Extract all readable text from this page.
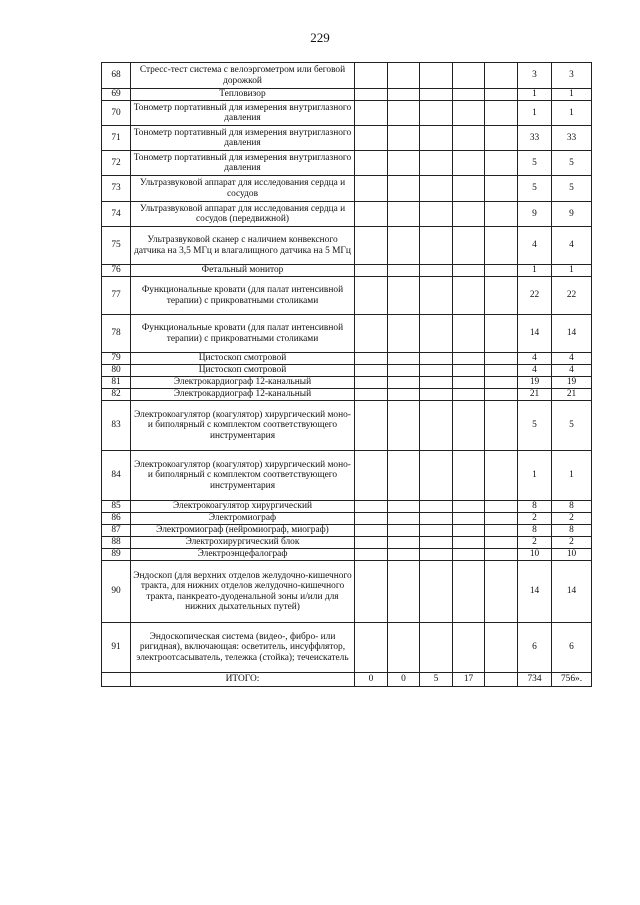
229
68	Стресс-тест система с велоэргометром или беговой дорожкой						3	3
69	Тепловизор						1	1
70	Тонометр портативный для измерения внутриглазного давления						1	1
71	Тонометр портативный для измерения внутриглазного давления						33	33
72	Тонометр портативный для измерения внутриглазного давления						5	5
73	Ультразвуковой аппарат для исследования сердца и сосудов						5	5
74	Ультразвуковой аппарат для исследования сердца и сосудов (передвижной)						9	9
75	Ультразвуковой сканер с наличием конвексного датчика на 3,5 МГц и влагалищного датчика на 5 МГц						4	4
76	Фетальный монитор						1	1
77	Функциональные кровати (для палат интенсивной терапии) с прикроватными столиками						22	22
78	Функциональные кровати (для палат интенсивной терапии) с прикроватными столиками						14	14
79	Цистоскоп смотровой						4	4
80	Цистоскоп смотровой						4	4
81	Электрокардиограф 12-канальный						19	19
82	Электрокардиограф 12-канальный						21	21
83	Электрокоагулятор (коагулятор) хирургический моно- и биполярный с комплектом соответствующего инструментария						5	5
84	Электрокоагулятор (коагулятор) хирургический моно- и биполярный с комплектом соответствующего инструментария						1	1
85	Электрокоагулятор хирургический						8	8
86	Электромиограф						2	2
87	Электромиограф (нейромиограф, миограф)						8	8
88	Электрохирургический блок						2	2
89	Электроэнцефалограф						10	10
90	Эндоскоп (для верхних отделов желудочно-кишечного тракта, для нижних отделов желудочно-кишечного тракта, панкреато-дуоденальной зоны и/или для нижних дыхательных путей)						14	14
91	Эндоскопическая система (видео-, фибро- или ригидная), включающая: осветитель, инсуффлятор, электроотсасыватель, тележка (стойка); течеискатель						6	6
	ИТОГО:	0	0	5	17		734	756».
